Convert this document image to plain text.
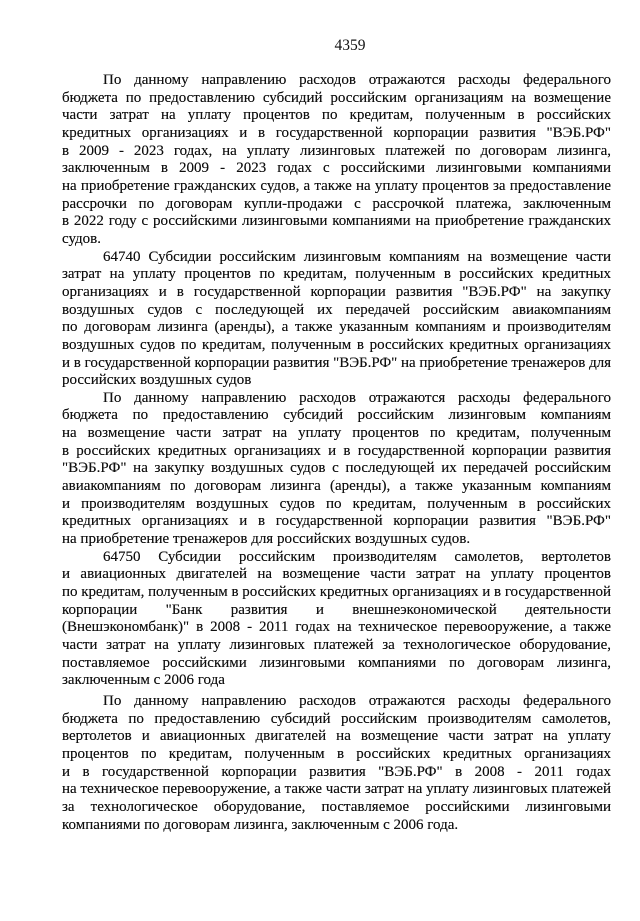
4359
По данному направлению расходов отражаются расходы федерального
бюджета по предоставлению субсидий российским организациям на возмещение
части затрат на уплату процентов по кредитам, полученным в российских
кредитных организациях и в государственной корпорации развития "ВЭБ.РФ"
в 2009 - 2023 годах, на уплату лизинговых платежей по договорам лизинга,
заключенным в 2009 - 2023 годах с российскими лизинговыми компаниями
на приобретение гражданских судов, а также на уплату процентов за предоставление
рассрочки по договорам купли-продажи с рассрочкой платежа, заключенным
в 2022 году с российскими лизинговыми компаниями на приобретение гражданских
судов.
64740 Субсидии российским лизинговым компаниям на возмещение части
затрат на уплату процентов по кредитам, полученным в российских кредитных
организациях и в государственной корпорации развития "ВЭБ.РФ" на закупку
воздушных судов с последующей их передачей российским авиакомпаниям
по договорам лизинга (аренды), а также указанным компаниям и производителям
воздушных судов по кредитам, полученным в российских кредитных организациях
и в государственной корпорации развития "ВЭБ.РФ" на приобретение тренажеров для
российских воздушных судов
По данному направлению расходов отражаются расходы федерального
бюджета по предоставлению субсидий российским лизинговым компаниям
на возмещение части затрат на уплату процентов по кредитам, полученным
в российских кредитных организациях и в государственной корпорации развития
"ВЭБ.РФ" на закупку воздушных судов с последующей их передачей российским
авиакомпаниям по договорам лизинга (аренды), а также указанным компаниям
и производителям воздушных судов по кредитам, полученным в российских
кредитных организациях и в государственной корпорации развития "ВЭБ.РФ"
на приобретение тренажеров для российских воздушных судов.
64750 Субсидии российским производителям самолетов, вертолетов
и авиационных двигателей на возмещение части затрат на уплату процентов
по кредитам, полученным в российских кредитных организациях и в государственной
корпорации "Банк развития и внешнеэкономической деятельности
(Внешэкономбанк)" в 2008 - 2011 годах на техническое перевооружение, а также
части затрат на уплату лизинговых платежей за технологическое оборудование,
поставляемое российскими лизинговыми компаниями по договорам лизинга,
заключенным с 2006 года
По данному направлению расходов отражаются расходы федерального
бюджета по предоставлению субсидий российским производителям самолетов,
вертолетов и авиационных двигателей на возмещение части затрат на уплату
процентов по кредитам, полученным в российских кредитных организациях
и в государственной корпорации развития "ВЭБ.РФ" в 2008 - 2011 годах
на техническое перевооружение, а также части затрат на уплату лизинговых платежей
за технологическое оборудование, поставляемое российскими лизинговыми
компаниями по договорам лизинга, заключенным с 2006 года.
